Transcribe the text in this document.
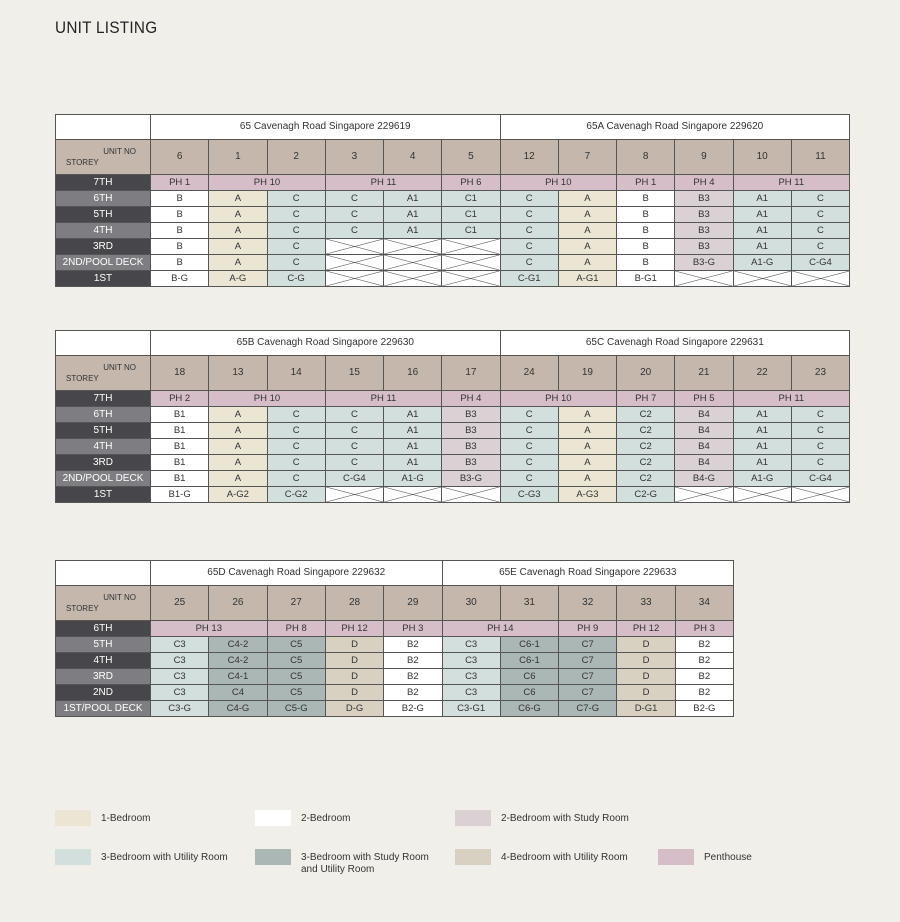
UNIT LISTING
	65 Cavenagh Road Singapore 229619						65A Cavenagh Road Singapore 229620					

UNIT NO
STOREY	6	1	2	3	4	5	12	7	8	9	10	11
7TH	PH 1	PH 10		PH 11		PH 6	PH 10		PH 1	PH 4	PH 11	
6TH	B	A	C	C	A1	C1	C	A	B	B3	A1	C
5TH	B	A	C	C	A1	C1	C	A	B	B3	A1	C
4TH	B	A	C	C	A1	C1	C	A	B	B3	A1	C
3RD	B	A	C				C	A	B	B3	A1	C
2ND/POOL DECK	B	A	C				C	A	B	B3-G	A1-G	C-G4
1ST	B-G	A-G	C-G				C-G1	A-G1	B-G1	

	65B Cavenagh Road Singapore 229630						65C Cavenagh Road Singapore 229631					

UNIT NO
STOREY	18	13	14	15	16	17	24	19	20	21	22	23
7TH	PH 2	PH 10		PH 11		PH 4	PH 10		PH 7	PH 5	PH 11	
6TH	B1	A	C	C	A1	B3	C	A	C2	B4	A1	C
5TH	B1	A	C	C	A1	B3	C	A	C2	B4	A1	C
4TH	B1	A	C	C	A1	B3	C	A	C2	B4	A1	C
3RD	B1	A	C	C	A1	B3	C	A	C2	B4	A1	C
2ND/POOL DECK	B1	A	C	C-G4	A1-G	B3-G	C	A	C2	B4-G	A1-G	C-G4
1ST	B1-G	A-G2	C-G2				C-G3	A-G3	C2-G	

	65D Cavenagh Road Singapore 229632					65E Cavenagh Road Singapore 229633				

UNIT NO
STOREY	25	26	27	28	29	30	31	32	33	34
6TH	PH 13		PH 8	PH 12	PH 3	PH 14		PH 9	PH 12	PH 3
5TH	C3	C4-2	C5	D	B2	C3	C6-1	C7	D	B2
4TH	C3	C4-2	C5	D	B2	C3	C6-1	C7	D	B2
3RD	C3	C4-1	C5	D	B2	C3	C6	C7	D	B2
2ND	C3	C4	C5	D	B2	C3	C6	C7	D	B2
1ST/POOL DECK	C3-G	C4-G	C5-G	D-G	B2-G	C3-G1	C6-G	C7-G	D-G1	B2-G
1-Bedroom	2-Bedroom	2-Bedroom with Study Room
3-Bedroom with Utility Room	3-Bedroom with Study Room and Utility Room
4-Bedroom with Utility Room	Penthouse
